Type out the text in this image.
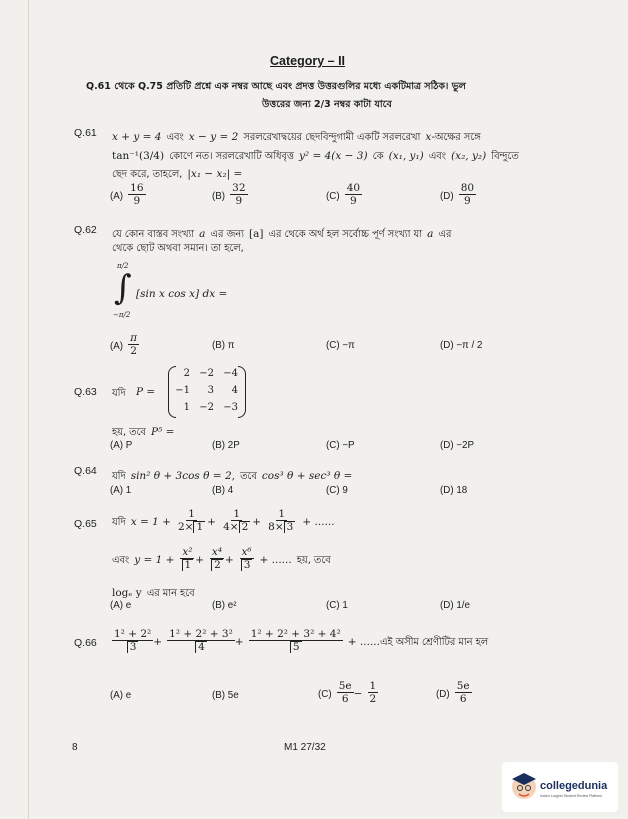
Category – II
Q.61 থেকে Q.75 প্রতিটি প্রশ্নে এক নম্বর আছে এবং প্রদত্ত উত্তরগুলির মধ্যে একটিমাত্র সঠিক। ভুল
উত্তরের জন্য 2/3 নম্বর কাটা যাবে
Q.61 x + y = 4 এবং x − y = 2 সরলরেখাদ্বয়ের ছেদবিন্দুগামী একটি সরলরেখা x-অক্ষের সঙ্গে
tan⁻¹(3/4) কোণে নত। সরলরেখাটি অধিবৃত্ত y² = 4(x − 3) কে (x₁, y₁) এবং (x₂, y₂) বিন্দুতে
ছেদ করে, তাহলে, |x₁ − x₂| =
$(A) \frac{16}{9}$	$(B) \frac{32}{9}$	$(C) \frac{40}{9}$	$(D) \frac{80}{9}$
Q.62 যে কোন বাস্তব সংখ্যা a এর জন্য [a] এর থেকে অর্থ হল সর্বোচ্চ পূর্ণ সংখ্যা যা a এর
থেকে ছোট অথবা সমান। তা হলে,
π/2
∫
−π/2
[sin x cos x] dx =
$(A) \frac{\pi}{2}$	(B) π	(C) −π	(D) −π / 2
Q.63 যদি P =
2 −2 −4
−1	3	4
1 −2 −3
হয়, তবে P⁵ =
(A) P	(B) 2P	(C) −P	(D) −2P
Q.64 যদি sin² θ + 3cos θ = 2, তবে cos³ θ + sec³ θ =
(A) 1	(B) 4	(C) 9	(D) 18
Q.65 যদি $x = 1 + \frac{1}{2\times 1} + \frac{1}{4\times 2} + \frac{1}{8\times 3}$ + ......
এবং $y = 1 + \frac{\text{x²}}{1} + \frac{\text{x⁴}}{2} + \frac{\text{x⁶}}{3}$ + ...... হয়, তবে
logₑ y এর মান হবে
(A) e	(B) e²	(C) 1	(D) 1/e
$Q.66 \frac{\text{1² + 2²}}{3} + \frac{\text{1² + 2² + 3²}}{4} + \frac{\text{1² + 2² + 3² + 4²}}{5}$ + ......এই অসীম শ্রেণীটির মান হল
(A) e	(B) 5e	$(C) \frac{5e}{6} - \frac{1}{2}$	$(D) \frac{5e}{6}$
8	M1 27/32
collegedunia
India's Largest Student Review Platform
